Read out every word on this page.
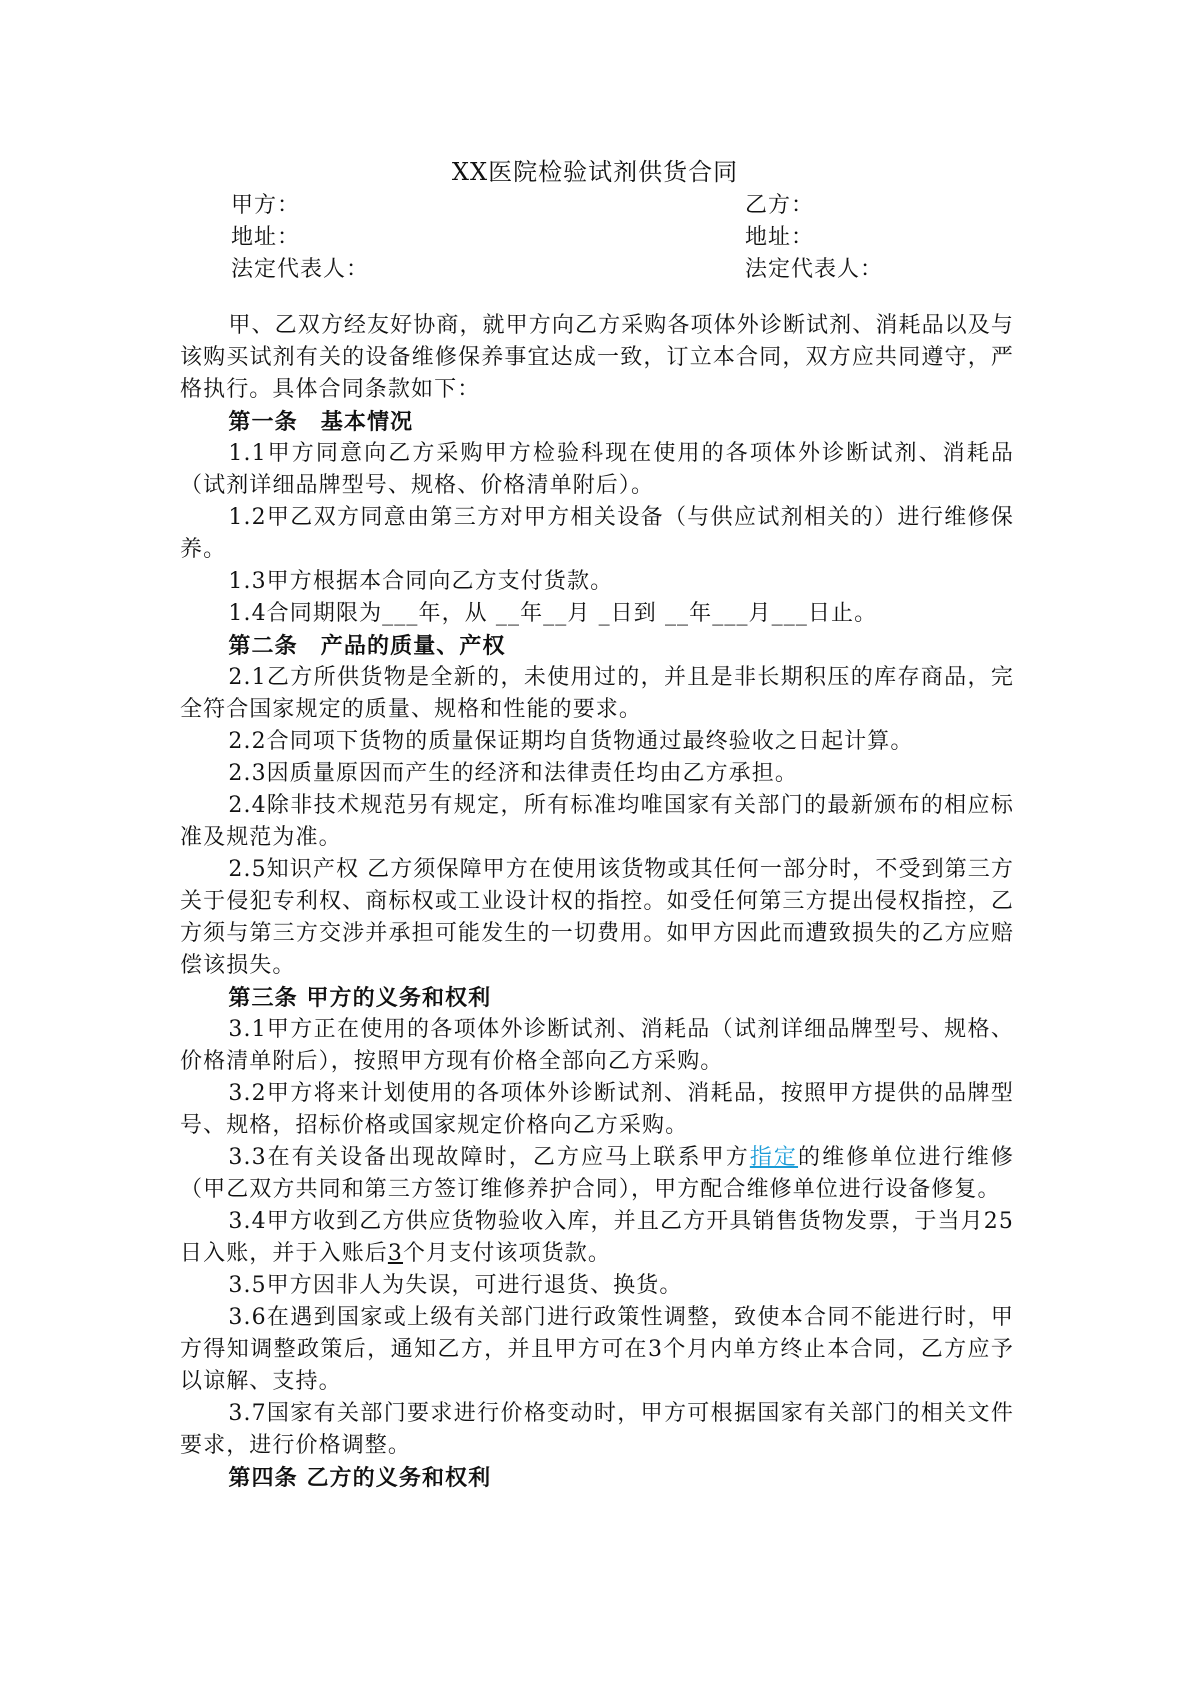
XX医院检验试剂供货合同
甲方：	乙方：
地址：	地址：
法定代表人：	法定代表人：

甲、乙双方经友好协商，就甲方向乙方采购各项体外诊断试剂、消耗品以及与该购买试剂有关的设备维修保养事宜达成一致，订立本合同，双方应共同遵守，严格执行。具体合同条款如下：

第一条　基本情况

1.1甲方同意向乙方采购甲方检验科现在使用的各项体外诊断试剂、消耗品（试剂详细品牌型号、规格、价格清单附后）。

1.2甲乙双方同意由第三方对甲方相关设备（与供应试剂相关的）进行维修保养。

1.3甲方根据本合同向乙方支付货款。

1.4合同期限为___年，从 __年__月 _日到 __年___月___日止。

第二条　产品的质量、产权

2.1乙方所供货物是全新的，未使用过的，并且是非长期积压的库存商品，完全符合国家规定的质量、规格和性能的要求。

2.2合同项下货物的质量保证期均自货物通过最终验收之日起计算。

2.3因质量原因而产生的经济和法律责任均由乙方承担。

2.4除非技术规范另有规定，所有标准均唯国家有关部门的最新颁布的相应标准及规范为准。

2.5知识产权 乙方须保障甲方在使用该货物或其任何一部分时，不受到第三方关于侵犯专利权、商标权或工业设计权的指控。如受任何第三方提出侵权指控，乙方须与第三方交涉并承担可能发生的一切费用。如甲方因此而遭致损失的乙方应赔偿该损失。

第三条 甲方的义务和权利

3.1甲方正在使用的各项体外诊断试剂、消耗品（试剂详细品牌型号、规格、价格清单附后），按照甲方现有价格全部向乙方采购。

3.2甲方将来计划使用的各项体外诊断试剂、消耗品，按照甲方提供的品牌型号、规格，招标价格或国家规定价格向乙方采购。

3.3在有关设备出现故障时，乙方应马上联系甲方指定的维修单位进行维修（甲乙双方共同和第三方签订维修养护合同），甲方配合维修单位进行设备修复。

3.4甲方收到乙方供应货物验收入库，并且乙方开具销售货物发票，于当月25日入账，并于入账后3个月支付该项货款。

3.5甲方因非人为失误，可进行退货、换货。

3.6在遇到国家或上级有关部门进行政策性调整，致使本合同不能进行时，甲方得知调整政策后，通知乙方，并且甲方可在3个月内单方终止本合同，乙方应予以谅解、支持。

3.7国家有关部门要求进行价格变动时，甲方可根据国家有关部门的相关文件要求，进行价格调整。

第四条 乙方的义务和权利
